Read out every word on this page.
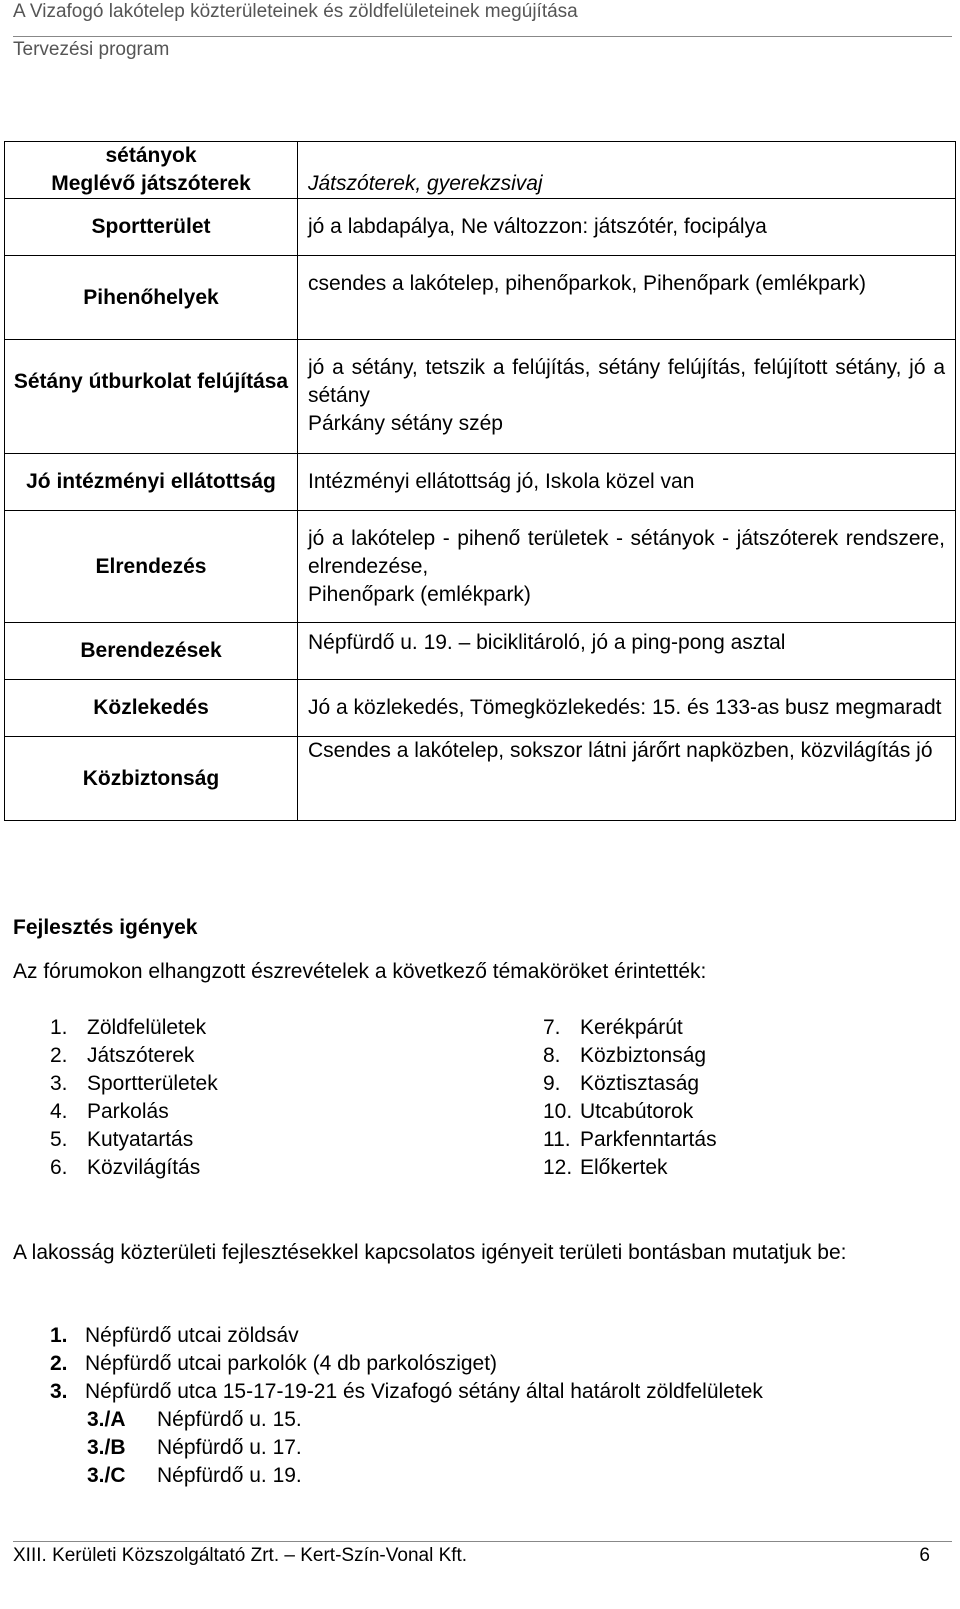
A Vizafogó lakótelep közterületeinek és zöldfelületeinek megújítása
Tervezési program
sétányok
Meglévő játszóterek	Játszóterek, gyerekzsivaj
Sportterület	jó a labdapálya, Ne változzon: játszótér, focipálya
Pihenőhelyek	csendes a lakótelep, pihenőparkok, Pihenőpark (emlékpark)
Sétány útburkolat felújítása	jó a sétány, tetszik a felújítás, sétány felújítás, felújított sétány, jó a sétány
Párkány sétány szép

Jó intézményi ellátottság	Intézményi ellátottság jó, Iskola közel van
Elrendezés	jó a lakótelep - pihenő területek - sétányok - játszóterek rendszere, elrendezése,
Pihenőpark (emlékpark)

Berendezések	Népfürdő u. 19. – biciklitároló, jó a ping-pong asztal
Közlekedés	Jó a közlekedés, Tömegközlekedés: 15. és 133-as busz megmaradt
Közbiztonság	Csendes a lakótelep, sokszor látni járőrt napközben, közvilágítás jó
Fejlesztés igények
Az fórumokon elhangzott észrevételek a következő témaköröket érintették:
1. Zöldfelületek
2. Játszóterek
3. Sportterületek
4. Parkolás
5. Kutyatartás
6. Közvilágítás
7. Kerékpárút
8. Közbiztonság
9. Köztisztaság
10. Utcabútorok
11. Parkfenntartás
12. Előkertek
A lakosság közterületi fejlesztésekkel kapcsolatos igényeit területi bontásban mutatjuk be:
1. Népfürdő utcai zöldsáv
2. Népfürdő utcai parkolók (4 db parkolósziget)
3. Népfürdő utca 15-17-19-21 és Vizafogó sétány által határolt zöldfelületek
3./A	Népfürdő u. 15.
3./B	Népfürdő u. 17.
3./C	Népfürdő u. 19.
XIII. Kerületi Közszolgáltató Zrt. – Kert-Szín-Vonal Kft.	6
